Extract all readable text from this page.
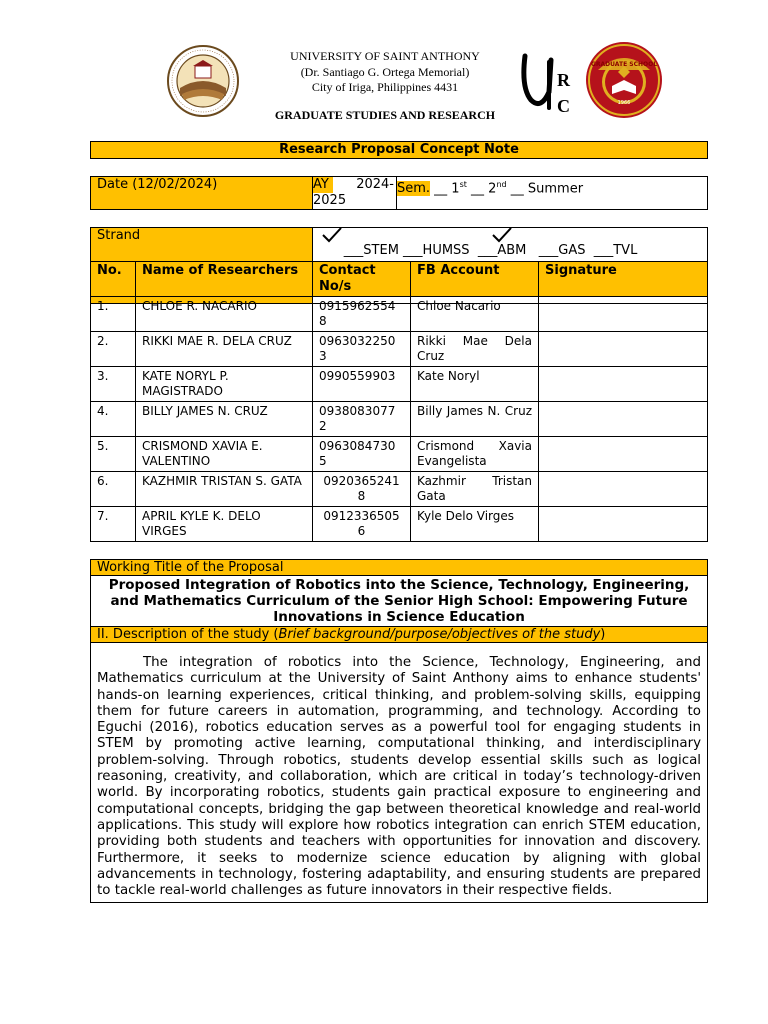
UNIVERSITY OF SAINT ANTHONY
(Dr. Santiago G. Ortega Memorial)
City of Iriga, Philippines 4431
GRADUATE STUDIES AND RESEARCH
R
C
GRADUATE SCHOOL
1966
Research Proposal Concept Note
Date (12/02/2024)	AY	2024-
2025
	Sem. __ 1st __ 2nd __ Summer
Strand	
___STEM ___HUMSS  ___ABM   ___GAS  ___TVL

No.	Name of Researchers	Contact No/s	FB Account	Signature
1.	CHLOE R. NACARIO	0915962554 8	Chloe Nacario	
2.	RIKKI MAE R. DELA CRUZ	0963032250 3	Rikki Mae Dela Cruz	
3.	KATE NORYL P. MAGISTRADO	0990559903	Kate Noryl	
4.	BILLY JAMES N. CRUZ	0938083077 2	Billy James N. Cruz	
5.	CRISMOND XAVIA E. VALENTINO	0963084730 5	Crismond Xavia Evangelista	
6.	KAZHMIR TRISTAN S. GATA	0920365241 8	Kazhmir Tristan Gata	
7.	APRIL KYLE K. DELO VIRGES	0912336505 6	Kyle Delo Virges	
Working Title of the Proposal
Proposed Integration of Robotics into the Science, Technology, Engineering, and Mathematics Curriculum of the Senior High School: Empowering Future Innovations in Science Education
II. Description of the study (Brief background/purpose/objectives of the study)
The integration of robotics into the Science, Technology, Engineering, and Mathematics curriculum at the University of Saint Anthony aims to enhance students' hands-on learning experiences, critical thinking, and problem-solving skills, equipping them for future careers in automation, programming, and technology. According to Eguchi (2016), robotics education serves as a powerful tool for engaging students in STEM by promoting active learning, computational thinking, and interdisciplinary problem-solving. Through robotics, students develop essential skills such as logical reasoning, creativity, and collaboration, which are critical in today’s technology-driven world. By incorporating robotics, students gain practical exposure to engineering and computational concepts, bridging the gap between theoretical knowledge and real-world applications. This study will explore how robotics integration can enrich STEM education, providing both students and teachers with opportunities for innovation and discovery. Furthermore, it seeks to modernize science education by aligning with global advancements in technology, fostering adaptability, and ensuring students are prepared to tackle real-world challenges as future innovators in their respective fields.
